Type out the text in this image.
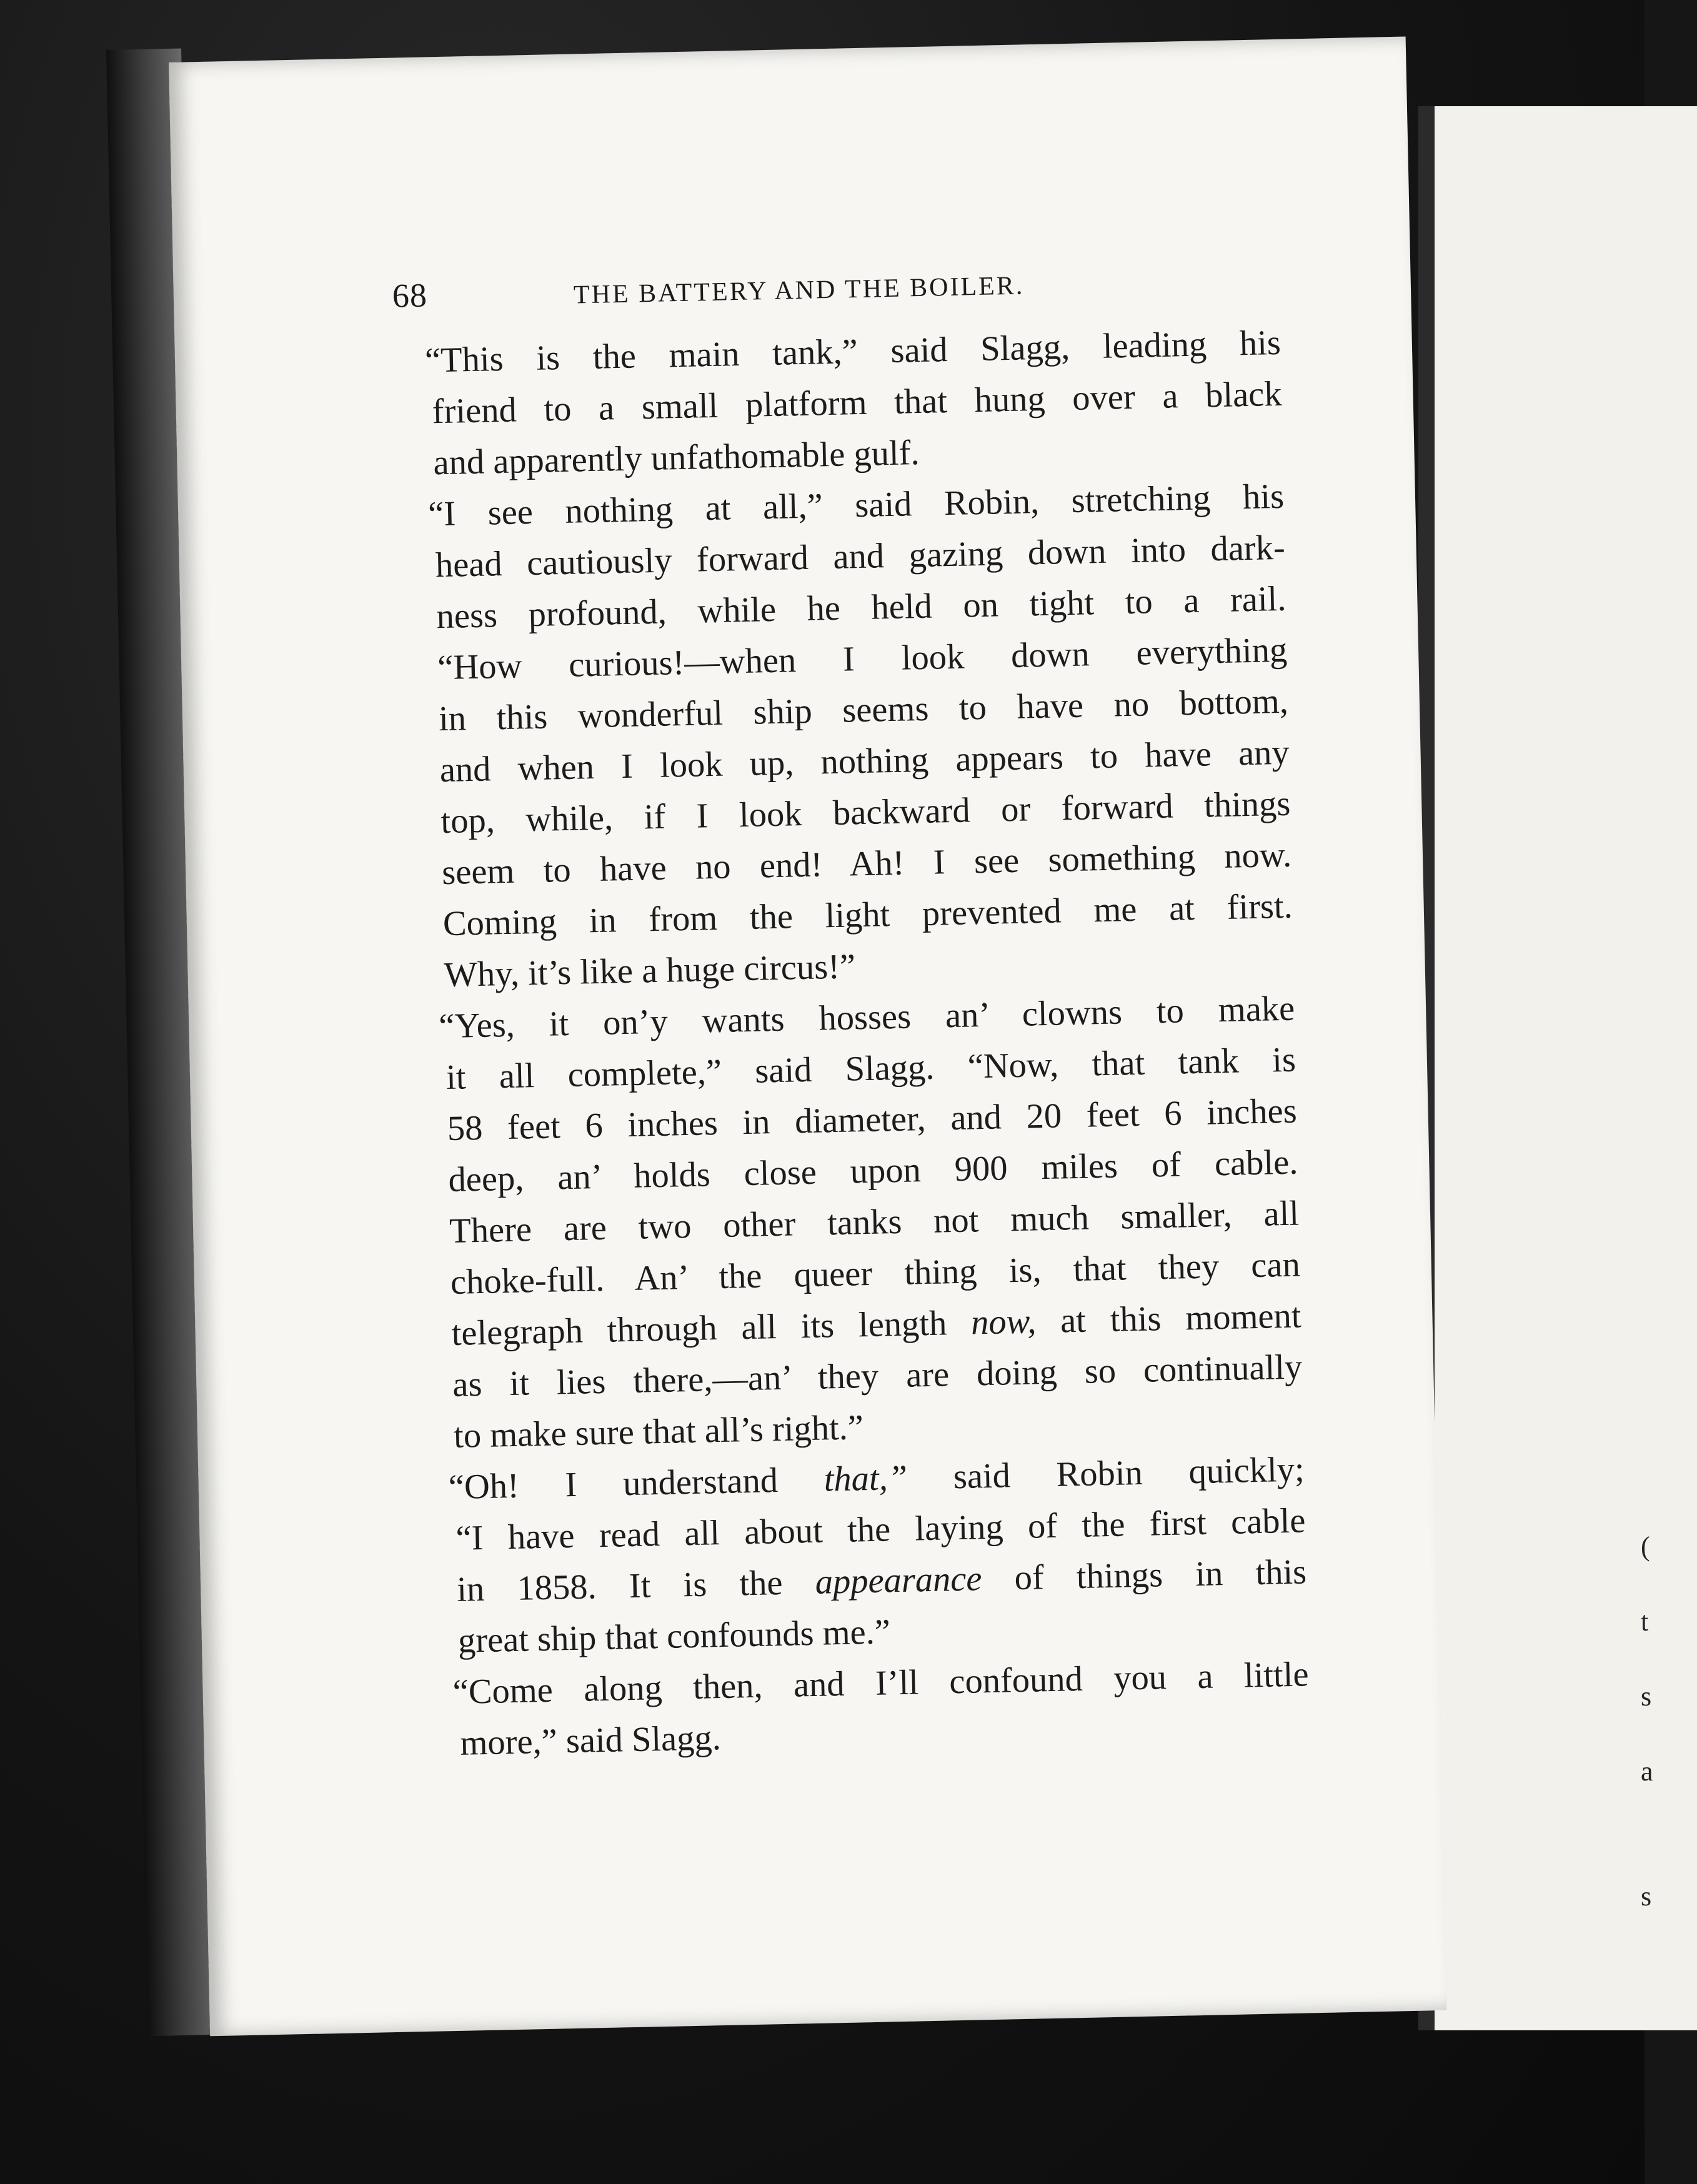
(
t
s
a
s
68	THE BATTERY AND THE BOILER.
“This is the main tank,” said Slagg, leading his
friend to a small platform that hung over a black
and apparently unfathomable gulf.
“I see nothing at all,” said Robin, stretching his
head cautiously forward and gazing down into dark-
ness profound, while he held on tight to a rail.
“How curious!—when I look down everything
in this wonderful ship seems to have no bottom,
and when I look up, nothing appears to have any
top, while, if I look backward or forward things
seem to have no end! Ah! I see something now.
Coming in from the light prevented me at first.
Why, it’s like a huge circus!”
“Yes, it on’y wants hosses an’ clowns to make
it all complete,” said Slagg. “Now, that tank is
58 feet 6 inches in diameter, and 20 feet 6 inches
deep, an’ holds close upon 900 miles of cable.
There are two other tanks not much smaller, all
choke-full. An’ the queer thing is, that they can
telegraph through all its length now, at this moment
as it lies there,—an’ they are doing so continually
to make sure that all’s right.”
“Oh! I understand that,” said Robin quickly;
“I have read all about the laying of the first cable
in 1858. It is the appearance of things in this
great ship that confounds me.”
“Come along then, and I’ll confound you a little
more,” said Slagg.
